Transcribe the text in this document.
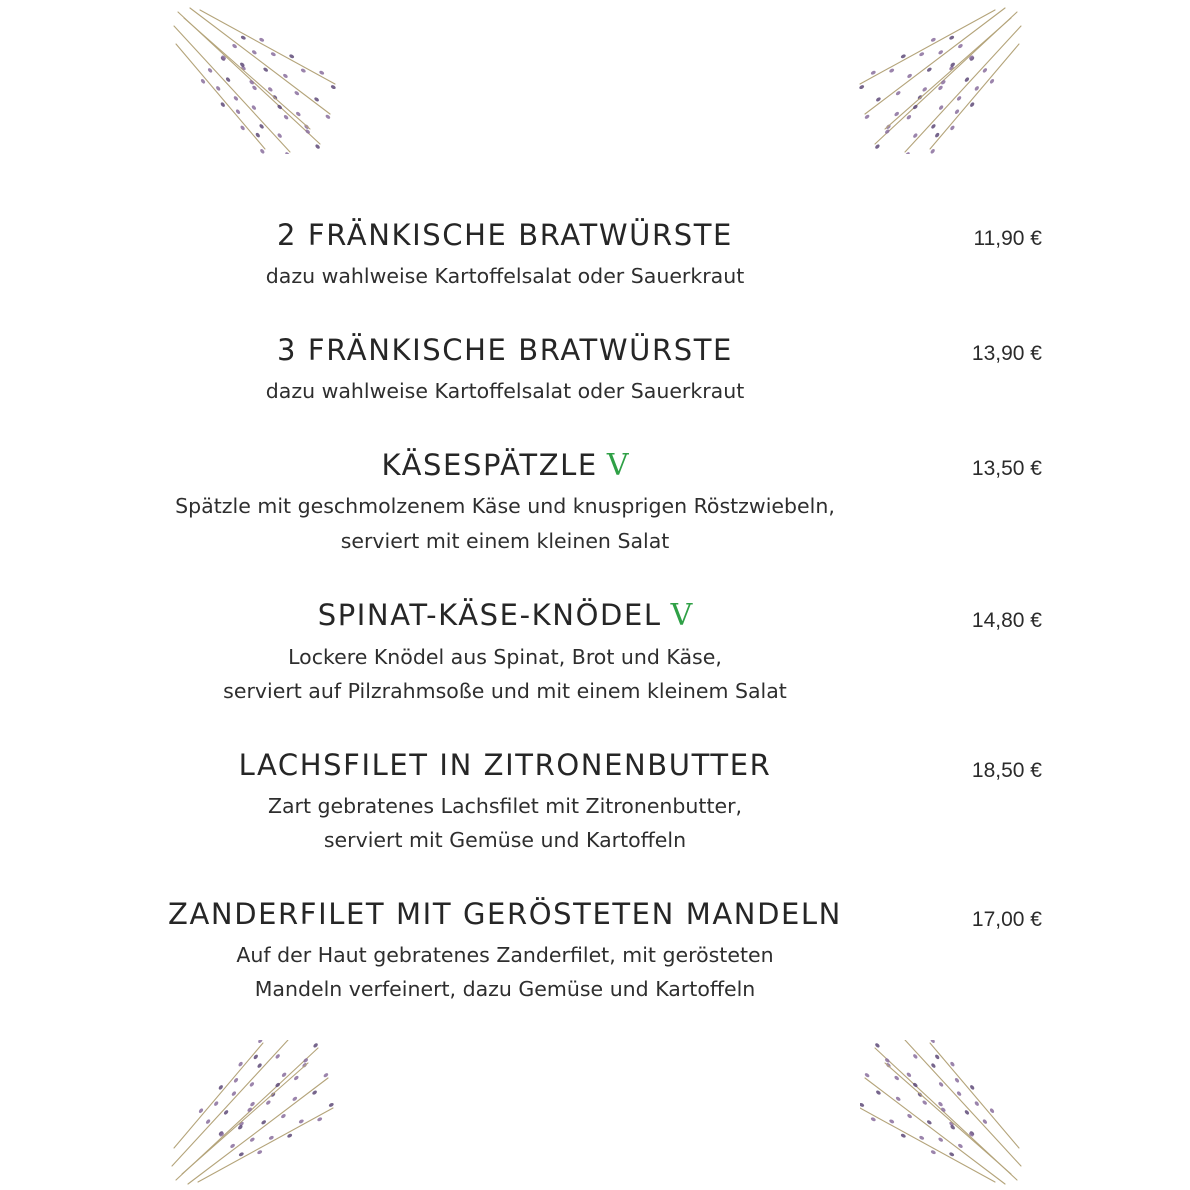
2 FRÄNKISCHE BRATWÜRSTE	11,90 €
dazu wahlweise Kartoffelsalat oder Sauerkraut
3 FRÄNKISCHE BRATWÜRSTE	13,90 €
dazu wahlweise Kartoffelsalat oder Sauerkraut
KÄSESPÄTZLE V	13,50 €
Spätzle mit geschmolzenem Käse und knusprigen Röstzwiebeln,
serviert mit einem kleinen Salat
SPINAT-KÄSE-KNÖDEL V	14,80 €
Lockere Knödel aus Spinat, Brot und Käse,
serviert auf Pilzrahmsoße und mit einem kleinem Salat
LACHSFILET IN ZITRONENBUTTER	18,50 €
Zart gebratenes Lachsfilet mit Zitronenbutter,
serviert mit Gemüse und Kartoffeln
ZANDERFILET MIT GERÖSTETEN MANDELN	17,00 €
Auf der Haut gebratenes Zanderfilet, mit gerösteten
Mandeln verfeinert, dazu Gemüse und Kartoffeln
